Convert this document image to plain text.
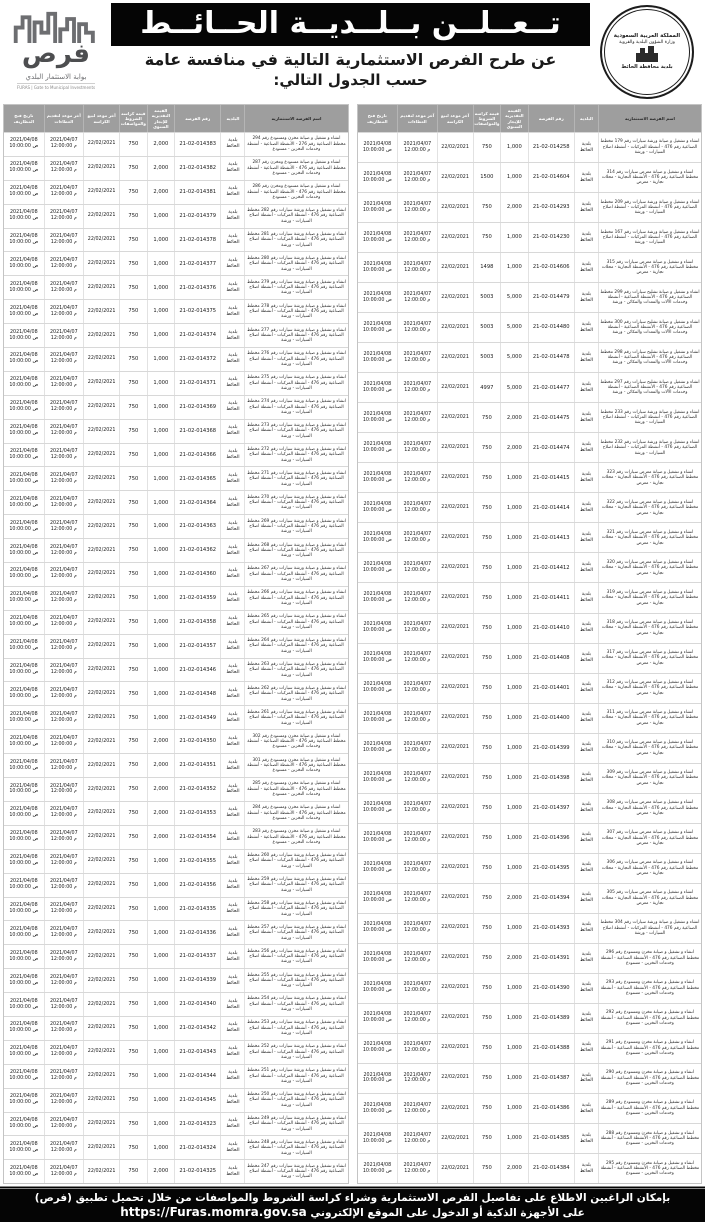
فرص
بوابة الاستثمار البلدي
FURAS | Gate to Municipal Investments
تــعــلــن بــلــديــة الحــائــط
عن طرح الفرص الاستثمارية التالية في منافسة عامة
حسب الجدول التالي:
المملكة العربية السعودية
وزارة الشؤون البلدية والقروية
بلدية محافظة الحائط
اسم الفرصة الاستثمارية
البلدية
رقم الفرصة
القيمة التقديرية للإيجار السنوي
قيمة كراسة الشروط والمواصفات
آخر موعد لبيع الكراسة
آخر موعد لتقديم العطاءات
تاريخ فتح المظاريف
انشاء و تشغيل و صيانة مخزن ومستودع رقم 294 مخطط الصناعية رقم 276 - الأنشطة الصناعية - أنشطة وخدمات التخزين - مستودع
بلدية الحائط
21-02-014383
2,000
750
22/02/2021
2021/04/07 12:00:00 م
2021/04/08 10:00:00 ص
انشاء و تشغيل و صيانة مستودع ومخزن رقم 287 مخطط الصناعية رقم 476 - الأنشطة الصناعية - أنشطة وخدمات التخزين - مستودع
بلدية الحائط
21-02-014382
2,000
750
22/02/2021
2021/04/07 12:00:00 م
2021/04/08 10:00:00 ص
انشاء و تشغيل و صيانة مستودع ومخزن رقم 286 مخطط الصناعية رقم 476 - الأنشطة الصناعية - أنشطة وخدمات التخزين - مستودع
بلدية الحائط
21-02-014381
2,000
750
22/02/2021
2021/04/07 12:00:00 م
2021/04/08 10:00:00 ص
انشاء و تشغيل و صيانة ورشة سيارات رقم 282 مخطط الصناعية رقم 476 - أنشطة المركبات - أنشطة اصلاح السيارات - ورشة
بلدية الحائط
21-02-014379
1,000
750
22/02/2021
2021/04/07 12:00:00 م
2021/04/08 10:00:00 ص
انشاء و تشغيل و صيانة ورشة سيارات رقم 281 مخطط الصناعية رقم 476 - أنشطة المركبات - أنشطة اصلاح السيارات - ورشة
بلدية الحائط
21-02-014378
1,000
750
22/02/2021
2021/04/07 12:00:00 م
2021/04/08 10:00:00 ص
انشاء و تشغيل و صيانة ورشة سيارات رقم 280 مخطط الصناعية رقم 476 - أنشطة المركبات - أنشطة اصلاح السيارات - ورشة
بلدية الحائط
21-02-014377
1,000
750
22/02/2021
2021/04/07 12:00:00 م
2021/04/08 10:00:00 ص
انشاء و تشغيل و صيانة ورشة سيارات رقم 279 مخطط الصناعية رقم 476 - أنشطة المركبات - أنشطة اصلاح السيارات - ورشة
بلدية الحائط
21-02-014376
1,000
750
22/02/2021
2021/04/07 12:00:00 م
2021/04/08 10:00:00 ص
انشاء و تشغيل و صيانة ورشة سيارات رقم 278 مخطط الصناعية رقم 476 - أنشطة المركبات - أنشطة اصلاح السيارات - ورشة
بلدية الحائط
21-02-014375
1,000
750
22/02/2021
2021/04/07 12:00:00 م
2021/04/08 10:00:00 ص
انشاء و تشغيل و صيانة ورشة سيارات رقم 277 مخطط الصناعية رقم 476 - أنشطة المركبات - أنشطة اصلاح السيارات - ورشة
بلدية الحائط
21-02-014374
1,000
750
22/02/2021
2021/04/07 12:00:00 م
2021/04/08 10:00:00 ص
انشاء و تشغيل و صيانة ورشة سيارات رقم 276 مخطط الصناعية رقم 476 - أنشطة المركبات - أنشطة اصلاح السيارات - ورشة
بلدية الحائط
21-02-014372
1,000
750
22/02/2021
2021/04/07 12:00:00 م
2021/04/08 10:00:00 ص
انشاء و تشغيل و صيانة ورشة سيارات رقم 275 مخطط الصناعية رقم 476 - أنشطة المركبات - أنشطة اصلاح السيارات - ورشة
بلدية الحائط
21-02-014371
1,000
750
22/02/2021
2021/04/07 12:00:00 م
2021/04/08 10:00:00 ص
انشاء و تشغيل و صيانة ورشة سيارات رقم 274 مخطط الصناعية رقم 476 - أنشطة المركبات - أنشطة اصلاح السيارات - ورشة
بلدية الحائط
21-02-014369
1,000
750
22/02/2021
2021/04/07 12:00:00 م
2021/04/08 10:00:00 ص
انشاء و تشغيل و صيانة ورشة سيارات رقم 273 مخطط الصناعية رقم 476 - أنشطة المركبات - أنشطة اصلاح السيارات - ورشة
بلدية الحائط
21-02-014368
1,000
750
22/02/2021
2021/04/07 12:00:00 م
2021/04/08 10:00:00 ص
انشاء و تشغيل و صيانة ورشة سيارات رقم 272 مخطط الصناعية رقم 476 - أنشطة المركبات - أنشطة اصلاح السيارات - ورشة
بلدية الحائط
21-02-014366
1,000
750
22/02/2021
2021/04/07 12:00:00 م
2021/04/08 10:00:00 ص
انشاء و تشغيل و صيانة ورشة سيارات رقم 271 مخطط الصناعية رقم 476 - أنشطة المركبات - أنشطة اصلاح السيارات - ورشة
بلدية الحائط
21-02-014365
1,000
750
22/02/2021
2021/04/07 12:00:00 م
2021/04/08 10:00:00 ص
انشاء و تشغيل و صيانة ورشة سيارات رقم 270 مخطط الصناعية رقم 476 - أنشطة المركبات - أنشطة اصلاح السيارات - ورشة
بلدية الحائط
21-02-014364
1,000
750
22/02/2021
2021/04/07 12:00:00 م
2021/04/08 10:00:00 ص
انشاء و تشغيل و صيانة ورشة سيارات رقم 269 مخطط الصناعية رقم 476 - أنشطة المركبات - أنشطة اصلاح السيارات - ورشة
بلدية الحائط
21-02-014363
1,000
750
22/02/2021
2021/04/07 12:00:00 م
2021/04/08 10:00:00 ص
انشاء و تشغيل و صيانة ورشة سيارات رقم 268 مخطط الصناعية رقم 476 - أنشطة المركبات - أنشطة اصلاح السيارات - ورشة
بلدية الحائط
21-02-014362
1,000
750
22/02/2021
2021/04/07 12:00:00 م
2021/04/08 10:00:00 ص
انشاء و تشغيل و صيانة ورشة سيارات رقم 267 مخطط الصناعية رقم 476 - أنشطة المركبات - أنشطة اصلاح السيارات - ورشة
بلدية الحائط
21-02-014360
1,000
750
22/02/2021
2021/04/07 12:00:00 م
2021/04/08 10:00:00 ص
انشاء و تشغيل و صيانة ورشة سيارات رقم 266 مخطط الصناعية رقم 476 - أنشطة المركبات - أنشطة اصلاح السيارات - ورشة
بلدية الحائط
21-02-014359
1,000
750
22/02/2021
2021/04/07 12:00:00 م
2021/04/08 10:00:00 ص
انشاء و تشغيل و صيانة ورشة سيارات رقم 265 مخطط الصناعية رقم 476 - أنشطة المركبات - أنشطة اصلاح السيارات - ورشة
بلدية الحائط
21-02-014358
1,000
750
22/02/2021
2021/04/07 12:00:00 م
2021/04/08 10:00:00 ص
انشاء و تشغيل و صيانة ورشة سيارات رقم 264 مخطط الصناعية رقم 476 - أنشطة المركبات - أنشطة اصلاح السيارات - ورشة
بلدية الحائط
21-02-014357
1,000
750
22/02/2021
2021/04/07 12:00:00 م
2021/04/08 10:00:00 ص
انشاء و تشغيل و صيانة ورشة سيارات رقم 263 مخطط الصناعية رقم 476 - أنشطة المركبات - أنشطة اصلاح السيارات - ورشة
بلدية الحائط
21-02-014346
1,000
750
22/02/2021
2021/04/07 12:00:00 م
2021/04/08 10:00:00 ص
انشاء و تشغيل و صيانة ورشة سيارات رقم 262 مخطط الصناعية رقم 476 - أنشطة المركبات - أنشطة اصلاح السيارات - ورشة
بلدية الحائط
21-02-014348
1,000
750
22/02/2021
2021/04/07 12:00:00 م
2021/04/08 10:00:00 ص
انشاء و تشغيل و صيانة ورشة سيارات رقم 261 مخطط الصناعية رقم 476 - أنشطة المركبات - أنشطة اصلاح السيارات - ورشة
بلدية الحائط
21-02-014349
1,000
750
22/02/2021
2021/04/07 12:00:00 م
2021/04/08 10:00:00 ص
انشاء و تشغيل و صيانة مخزن ومستودع رقم 302 مخطط الصناعية رقم 476 - الأنشطة الصناعية - أنشطة وخدمات التخزين - مستودع
بلدية الحائط
21-02-014350
2,000
750
22/02/2021
2021/04/07 12:00:00 م
2021/04/08 10:00:00 ص
انشاء و تشغيل و صيانة مخزن ومستودع رقم 301 مخطط الصناعية رقم 476 - الأنشطة الصناعية - أنشطة وخدمات التخزين - مستودع
بلدية الحائط
21-02-014351
2,000
750
22/02/2021
2021/04/07 12:00:00 م
2021/04/08 10:00:00 ص
انشاء و تشغيل و صيانة مخزن ومستودع رقم 285 مخطط الصناعية رقم 476 - الأنشطة الصناعية - أنشطة وخدمات التخزين - مستودع
بلدية الحائط
21-02-014352
2,000
750
22/02/2021
2021/04/07 12:00:00 م
2021/04/08 10:00:00 ص
انشاء و تشغيل و صيانة مخزن ومستودع رقم 284 مخطط الصناعية رقم 476 - الأنشطة الصناعية - أنشطة وخدمات التخزين - مستودع
بلدية الحائط
21-02-014353
2,000
750
22/02/2021
2021/04/07 12:00:00 م
2021/04/08 10:00:00 ص
انشاء و تشغيل و صيانة مخزن ومستودع رقم 283 مخطط الصناعية رقم 476 - الأنشطة الصناعية - أنشطة وخدمات التخزين - مستودع
بلدية الحائط
21-02-014354
2,000
750
22/02/2021
2021/04/07 12:00:00 م
2021/04/08 10:00:00 ص
انشاء و تشغيل و صيانة ورشة سيارات رقم 260 مخطط الصناعية رقم 476 - أنشطة المركبات - أنشطة اصلاح السيارات - ورشة
بلدية الحائط
21-02-014355
1,000
750
22/02/2021
2021/04/07 12:00:00 م
2021/04/08 10:00:00 ص
انشاء و تشغيل و صيانة ورشة سيارات رقم 259 مخطط الصناعية رقم 476 - أنشطة المركبات - أنشطة اصلاح السيارات - ورشة
بلدية الحائط
21-02-014356
1,000
750
22/02/2021
2021/04/07 12:00:00 م
2021/04/08 10:00:00 ص
انشاء و تشغيل و صيانة ورشة سيارات رقم 258 مخطط الصناعية رقم 476 - أنشطة المركبات - أنشطة اصلاح السيارات - ورشة
بلدية الحائط
21-02-014335
1,000
750
22/02/2021
2021/04/07 12:00:00 م
2021/04/08 10:00:00 ص
انشاء و تشغيل و صيانة ورشة سيارات رقم 257 مخطط الصناعية رقم 476 - أنشطة المركبات - أنشطة اصلاح السيارات - ورشة
بلدية الحائط
21-02-014336
1,000
750
22/02/2021
2021/04/07 12:00:00 م
2021/04/08 10:00:00 ص
انشاء و تشغيل و صيانة ورشة سيارات رقم 256 مخطط الصناعية رقم 476 - أنشطة المركبات - أنشطة اصلاح السيارات - ورشة
بلدية الحائط
21-02-014337
1,000
750
22/02/2021
2021/04/07 12:00:00 م
2021/04/08 10:00:00 ص
انشاء و تشغيل و صيانة ورشة سيارات رقم 255 مخطط الصناعية رقم 476 - أنشطة المركبات - أنشطة اصلاح السيارات - ورشة
بلدية الحائط
21-02-014339
1,000
750
22/02/2021
2021/04/07 12:00:00 م
2021/04/08 10:00:00 ص
انشاء و تشغيل و صيانة ورشة سيارات رقم 254 مخطط الصناعية رقم 476 - أنشطة المركبات - أنشطة اصلاح السيارات - ورشة
بلدية الحائط
21-02-014340
1,000
750
22/02/2021
2021/04/07 12:00:00 م
2021/04/08 10:00:00 ص
انشاء و تشغيل و صيانة ورشة سيارات رقم 253 مخطط الصناعية رقم 476 - أنشطة المركبات - أنشطة اصلاح السيارات - ورشة
بلدية الحائط
21-02-014342
1,000
750
22/02/2021
2021/04/07 12:00:00 م
2021/04/08 10:00:00 ص
انشاء و تشغيل و صيانة ورشة سيارات رقم 252 مخطط الصناعية رقم 476 - أنشطة المركبات - أنشطة اصلاح السيارات - ورشة
بلدية الحائط
21-02-014343
1,000
750
22/02/2021
2021/04/07 12:00:00 م
2021/04/08 10:00:00 ص
انشاء و تشغيل و صيانة ورشة سيارات رقم 251 مخطط الصناعية رقم 476 - أنشطة المركبات - أنشطة اصلاح السيارات - ورشة
بلدية الحائط
21-02-014344
1,000
750
22/02/2021
2021/04/07 12:00:00 م
2021/04/08 10:00:00 ص
انشاء و تشغيل و صيانة ورشة سيارات رقم 250 مخطط الصناعية رقم 476 - أنشطة المركبات - أنشطة اصلاح السيارات - ورشة
بلدية الحائط
21-02-014345
1,000
750
22/02/2021
2021/04/07 12:00:00 م
2021/04/08 10:00:00 ص
انشاء و تشغيل و صيانة ورشة سيارات رقم 249 مخطط الصناعية رقم 476 - أنشطة المركبات - أنشطة اصلاح السيارات - ورشة
بلدية الحائط
21-02-014323
1,000
750
22/02/2021
2021/04/07 12:00:00 م
2021/04/08 10:00:00 ص
انشاء و تشغيل و صيانة ورشة سيارات رقم 248 مخطط الصناعية رقم 476 - أنشطة المركبات - أنشطة اصلاح السيارات - ورشة
بلدية الحائط
21-02-014324
1,000
750
22/02/2021
2021/04/07 12:00:00 م
2021/04/08 10:00:00 ص
انشاء و تشغيل و صيانة ورشة سيارات رقم 247 مخطط الصناعية رقم 476 - أنشطة المركبات - أنشطة اصلاح السيارات - ورشة
بلدية الحائط
21-02-014325
2,000
750
22/02/2021
2021/04/07 12:00:00 م
2021/04/08 10:00:00 ص
اسم الفرصة الاستثمارية
البلدية
رقم الفرصة
القيمة التقديرية للإيجار السنوي
قيمة كراسة الشروط والمواصفات
آخر موعد لبيع الكراسة
آخر موعد لتقديم العطاءات
تاريخ فتح المظاريف
انشاء و تشغيل و صيانة ورشة سيارات رقم 179 مخطط الصناعية رقم 476 - أنشطة المركبات - أنشطة اصلاح السيارات - ورشة
بلدية الحائط
21-02-014258
1,000
750
22/02/2021
2021/04/07 12:00:00 م
2021/04/08 10:00:00 ص
انشاء و تشغيل و صيانة معرض سيارات رقم 314 مخطط الصناعية رقم 476 - الأنشطة التجارية - محلات تجارية - معرض
بلدية الحائط
21-02-014604
1,000
1500
22/02/2021
2021/04/07 12:00:00 م
2021/04/08 10:00:00 ص
انشاء و تشغيل و صيانة ورشة سيارات رقم 209 مخطط الصناعية رقم 476 - أنشطة المركبات - أنشطة اصلاح السيارات - ورشة
بلدية الحائط
21-02-014293
2,000
750
22/02/2021
2021/04/07 12:00:00 م
2021/04/08 10:00:00 ص
انشاء و تشغيل و صيانة ورشة سيارات رقم 167 مخطط الصناعية رقم 476 - أنشطة المركبات - أنشطة اصلاح السيارات - ورشة
بلدية الحائط
21-02-014230
1,000
750
22/02/2021
2021/04/07 12:00:00 م
2021/04/08 10:00:00 ص
انشاء و تشغيل و صيانة معرض سيارات رقم 315 مخطط الصناعية رقم 476 - الأنشطة التجارية - محلات تجارية - معرض
بلدية الحائط
21-02-014606
1,000
1498
22/02/2021
2021/04/07 12:00:00 م
2021/04/08 10:00:00 ص
انشاء و تشغيل و صيانة تشليح سيارات رقم 299 مخطط الصناعية رقم 476 - الأنشطة الصناعية - أنشطة وخدمات الآلات والمعدات والمكائن - ورشة
بلدية الحائط
21-02-014479
5,000
5003
22/02/2021
2021/04/07 12:00:00 م
2021/04/08 10:00:00 ص
انشاء و تشغيل و صيانة تشليح سيارات رقم 300 مخطط الصناعية رقم 476 - الأنشطة الصناعية - أنشطة وخدمات الآلات والمعدات والمكائن - ورشة
بلدية الحائط
21-02-014480
5,000
5003
22/02/2021
2021/04/07 12:00:00 م
2021/04/08 10:00:00 ص
انشاء و تشغيل و صيانة تشليح سيارات رقم 298 مخطط الصناعية رقم 476 - الأنشطة الصناعية - أنشطة وخدمات الآلات والمعدات والمكائن - ورشة
بلدية الحائط
21-02-014478
5,000
5003
22/02/2021
2021/04/07 12:00:00 م
2021/04/08 10:00:00 ص
انشاء و تشغيل و صيانة تشليح سيارات رقم 297 مخطط الصناعية رقم 476 - الأنشطة الصناعية - أنشطة وخدمات الآلات والمعدات والمكائن - ورشة
بلدية الحائط
21-02-014477
5,000
4997
22/02/2021
2021/04/07 12:00:00 م
2021/04/08 10:00:00 ص
انشاء و تشغيل و صيانة ورشة سيارات رقم 233 مخطط الصناعية رقم 476 - أنشطة المركبات - أنشطة اصلاح السيارات - ورشة
بلدية الحائط
21-02-014475
2,000
750
22/02/2021
2021/04/07 12:00:00 م
2021/04/08 10:00:00 ص
انشاء و تشغيل و صيانة ورشة سيارات رقم 232 مخطط الصناعية رقم 476 - أنشطة المركبات - أنشطة اصلاح السيارات - ورشة
بلدية الحائط
21-02-014474
2,000
750
22/02/2021
2021/04/07 12:00:00 م
2021/04/08 10:00:00 ص
انشاء و تشغيل و صيانة معرض سيارات رقم 323 مخطط الصناعية رقم 476 - الأنشطة التجارية - محلات تجارية - معرض
بلدية الحائط
21-02-014415
1,000
750
22/02/2021
2021/04/07 12:00:00 م
2021/04/08 10:00:00 ص
انشاء و تشغيل و صيانة معرض سيارات رقم 322 مخطط الصناعية رقم 476 - الأنشطة التجارية - محلات تجارية - معرض
بلدية الحائط
21-02-014414
1,000
750
22/02/2021
2021/04/07 12:00:00 م
2021/04/08 10:00:00 ص
انشاء و تشغيل و صيانة معرض سيارات رقم 321 مخطط الصناعية رقم 476 - الأنشطة التجارية - محلات تجارية - معرض
بلدية الحائط
21-02-014413
1,000
750
22/02/2021
2021/04/07 12:00:00 م
2021/04/08 10:00:00 ص
انشاء و تشغيل و صيانة معرض سيارات رقم 320 مخطط الصناعية رقم 476 - الأنشطة التجارية - محلات تجارية - معرض
بلدية الحائط
21-02-014412
1,000
750
22/02/2021
2021/04/07 12:00:00 م
2021/04/08 10:00:00 ص
انشاء و تشغيل و صيانة معرض سيارات رقم 319 مخطط الصناعية رقم 476 - الأنشطة التجارية - محلات تجارية - معرض
بلدية الحائط
21-02-014411
1,000
750
22/02/2021
2021/04/07 12:00:00 م
2021/04/08 10:00:00 ص
انشاء و تشغيل و صيانة معرض سيارات رقم 318 مخطط الصناعية رقم 476 - الأنشطة التجارية - محلات تجارية - معرض
بلدية الحائط
21-02-014410
1,000
750
22/02/2021
2021/04/07 12:00:00 م
2021/04/08 10:00:00 ص
انشاء و تشغيل و صيانة معرض سيارات رقم 317 مخطط الصناعية رقم 476 - الأنشطة التجارية - محلات تجارية - معرض
بلدية الحائط
21-02-014408
1,000
750
22/02/2021
2021/04/07 12:00:00 م
2021/04/08 10:00:00 ص
انشاء و تشغيل و صيانة معرض سيارات رقم 312 مخطط الصناعية رقم 476 - الأنشطة التجارية - محلات تجارية - معرض
بلدية الحائط
21-02-014401
1,000
750
22/02/2021
2021/04/07 12:00:00 م
2021/04/08 10:00:00 ص
انشاء و تشغيل و صيانة معرض سيارات رقم 311 مخطط الصناعية رقم 476 - الأنشطة التجارية - محلات تجارية - معرض
بلدية الحائط
21-02-014400
1,000
750
22/02/2021
2021/04/07 12:00:00 م
2021/04/08 10:00:00 ص
انشاء و تشغيل و صيانة معرض سيارات رقم 310 مخطط الصناعية رقم 476 - الأنشطة التجارية - محلات تجارية - معرض
بلدية الحائط
21-02-014399
1,000
750
22/02/2021
2021/04/07 12:00:00 م
2021/04/08 10:00:00 ص
انشاء و تشغيل و صيانة معرض سيارات رقم 309 مخطط الصناعية رقم 476 - الأنشطة التجارية - محلات تجارية - معرض
بلدية الحائط
21-02-014398
1,000
750
22/02/2021
2021/04/07 12:00:00 م
2021/04/08 10:00:00 ص
انشاء و تشغيل و صيانة معرض سيارات رقم 308 مخطط الصناعية رقم 476 - الأنشطة التجارية - محلات تجارية - معرض
بلدية الحائط
21-02-014397
1,000
750
22/02/2021
2021/04/07 12:00:00 م
2021/04/08 10:00:00 ص
انشاء و تشغيل و صيانة معرض سيارات رقم 307 مخطط الصناعية رقم 476 - الأنشطة التجارية - محلات تجارية - معرض
بلدية الحائط
21-02-014396
1,000
750
22/02/2021
2021/04/07 12:00:00 م
2021/04/08 10:00:00 ص
انشاء و تشغيل و صيانة معرض سيارات رقم 306 مخطط الصناعية رقم 476 - الأنشطة التجارية - محلات تجارية - معرض
بلدية الحائط
21-02-014395
1,000
750
22/02/2021
2021/04/07 12:00:00 م
2021/04/08 10:00:00 ص
انشاء و تشغيل و صيانة معرض سيارات رقم 305 مخطط الصناعية رقم 476 - الأنشطة التجارية - محلات تجارية - معرض
بلدية الحائط
21-02-014394
2,000
750
22/02/2021
2021/04/07 12:00:00 م
2021/04/08 10:00:00 ص
انشاء و تشغيل و صيانة ورشة سيارات رقم 304 مخطط الصناعية رقم 476 - أنشطة المركبات - أنشطة اصلاح السيارات - ورشة
بلدية الحائط
21-02-014393
1,000
750
22/02/2021
2021/04/07 12:00:00 م
2021/04/08 10:00:00 ص
انشاء و تشغيل و صيانة مخزن ومستودع رقم 296 مخطط الصناعية رقم 476 - الأنشطة الصناعية - أنشطة وخدمات التخزين - مستودع
بلدية الحائط
21-02-014391
2,000
750
22/02/2021
2021/04/07 12:00:00 م
2021/04/08 10:00:00 ص
انشاء و تشغيل و صيانة مخزن ومستودع رقم 293 مخطط الصناعية رقم 476 - الأنشطة الصناعية - أنشطة وخدمات التخزين - مستودع
بلدية الحائط
21-02-014390
1,000
750
22/02/2021
2021/04/07 12:00:00 م
2021/04/08 10:00:00 ص
انشاء و تشغيل و صيانة مخزن ومستودع رقم 292 مخطط الصناعية رقم 476 - الأنشطة الصناعية - أنشطة وخدمات التخزين - مستودع
بلدية الحائط
21-02-014389
1,000
750
22/02/2021
2021/04/07 12:00:00 م
2021/04/08 10:00:00 ص
انشاء و تشغيل و صيانة مخزن ومستودع رقم 291 مخطط الصناعية رقم 476 - الأنشطة الصناعية - أنشطة وخدمات التخزين - مستودع
بلدية الحائط
21-02-014388
1,000
750
22/02/2021
2021/04/07 12:00:00 م
2021/04/08 10:00:00 ص
انشاء و تشغيل و صيانة مخزن ومستودع رقم 290 مخطط الصناعية رقم 476 - الأنشطة الصناعية - أنشطة وخدمات التخزين - مستودع
بلدية الحائط
21-02-014387
1,000
750
22/02/2021
2021/04/07 12:00:00 م
2021/04/08 10:00:00 ص
انشاء و تشغيل و صيانة مخزن ومستودع رقم 289 مخطط الصناعية رقم 476 - الأنشطة الصناعية - أنشطة وخدمات التخزين - مستودع
بلدية الحائط
21-02-014386
1,000
750
22/02/2021
2021/04/07 12:00:00 م
2021/04/08 10:00:00 ص
انشاء و تشغيل و صيانة مخزن ومستودع رقم 288 مخطط الصناعية رقم 476 - الأنشطة الصناعية - أنشطة وخدمات التخزين - مستودع
بلدية الحائط
21-02-014385
1,000
750
22/02/2021
2021/04/07 12:00:00 م
2021/04/08 10:00:00 ص
انشاء و تشغيل و صيانة مخزن ومستودع رقم 295 مخطط الصناعية رقم 476 - الأنشطة الصناعية - أنشطة وخدمات التخزين - مستودع
بلدية الحائط
21-02-014384
2,000
750
22/02/2021
2021/04/07 12:00:00 م
2021/04/08 10:00:00 ص
بإمكان الراغبين الاطلاع على تفاصيل الفرص الاستثمارية وشراء كراسة الشروط والمواصفات من خلال تحميل تطبيق (فرص)
على الأجهزة الذكية أو الدخول على الموقع الإلكتروني https://Furas.momra.gov.sa
